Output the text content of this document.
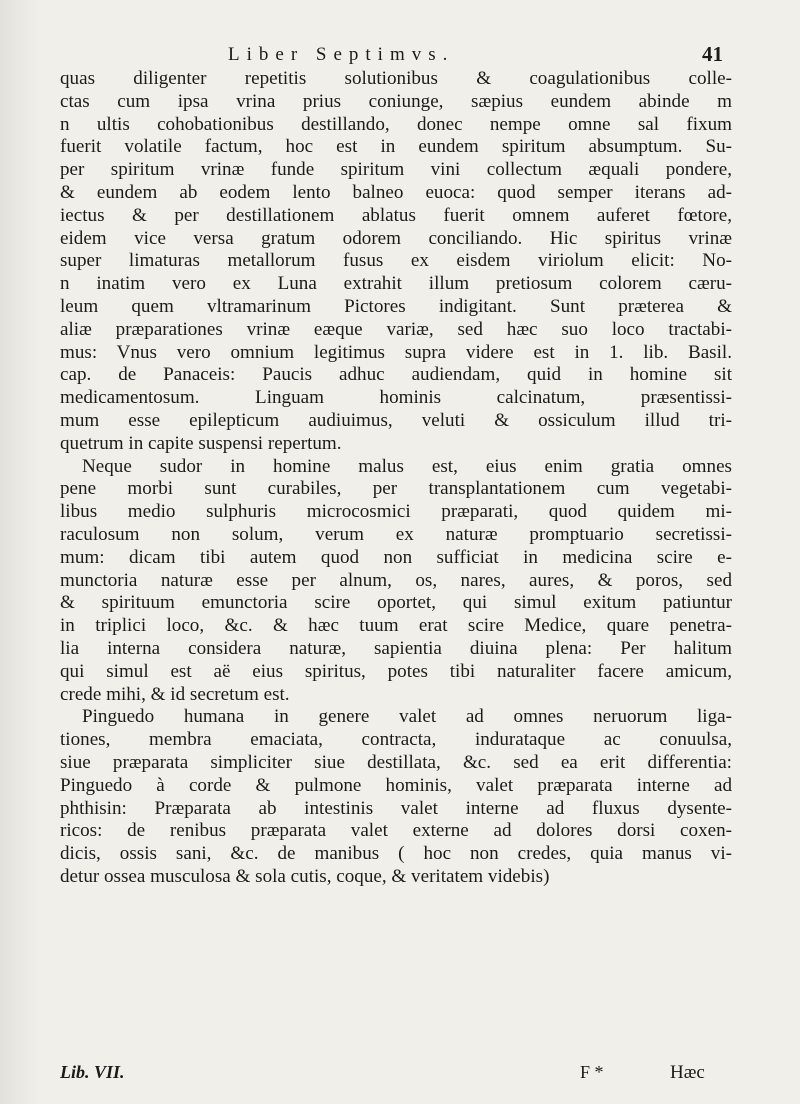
Liber Septimvs.	41
quas diligenter repetitis solutionibus & coagulationibus colle-
ctas cum ipsa vrina prius coniunge, sæpius eundem abinde m
n ultis cohobationibus destillando, donec nempe omne sal fixum
fuerit volatile factum, hoc est in eundem spiritum absumptum. Su-
per spiritum vrinæ funde spiritum vini collectum æquali pondere,
& eundem ab eodem lento balneo euoca: quod semper iterans ad-
iectus & per destillationem ablatus fuerit omnem auferet fœtore,
eidem vice versa gratum odorem conciliando. Hic spiritus vrinæ
super limaturas metallorum fusus ex eisdem viriolum elicit: No-
n inatim vero ex Luna extrahit illum pretiosum colorem cæru-
leum quem vltramarinum Pictores indigitant. Sunt præterea &
aliæ præparationes vrinæ eæque variæ, sed hæc suo loco tractabi-
mus: Vnus vero omnium legitimus supra videre est in 1. lib. Basil.
cap. de Panaceis: Paucis adhuc audiendam, quid in homine sit
medicamentosum. Linguam hominis calcinatum, præsentissi-
mum esse epilepticum audiuimus, veluti & ossiculum illud tri-
quetrum in capite suspensi repertum.
Neque sudor in homine malus est, eius enim gratia omnes
pene morbi sunt curabiles, per transplantationem cum vegetabi-
libus medio sulphuris microcosmici præparati, quod quidem mi-
raculosum non solum, verum ex naturæ promptuario secretissi-
mum: dicam tibi autem quod non sufficiat in medicina scire e-
munctoria naturæ esse per alnum, os, nares, aures, & poros, sed
& spirituum emunctoria scire oportet, qui simul exitum patiuntur
in triplici loco, &c. & hæc tuum erat scire Medice, quare penetra-
lia interna considera naturæ, sapientia diuina plena: Per halitum
qui simul est aë eius spiritus, potes tibi naturaliter facere amicum,
crede mihi, & id secretum est.
Pinguedo humana in genere valet ad omnes neruorum liga-
tiones, membra emaciata, contracta, indurataque ac conuulsa,
siue præparata simpliciter siue destillata, &c. sed ea erit differentia:
Pinguedo à corde & pulmone hominis, valet præparata interne ad
phthisin: Præparata ab intestinis valet interne ad fluxus dysente-
ricos: de renibus præparata valet externe ad dolores dorsi coxen-
dicis, ossis sani, &c. de manibus ( hoc non credes, quia manus vi-
detur ossea musculosa & sola cutis, coque, & veritatem videbis)
Lib. VII.	F *	Hæc
